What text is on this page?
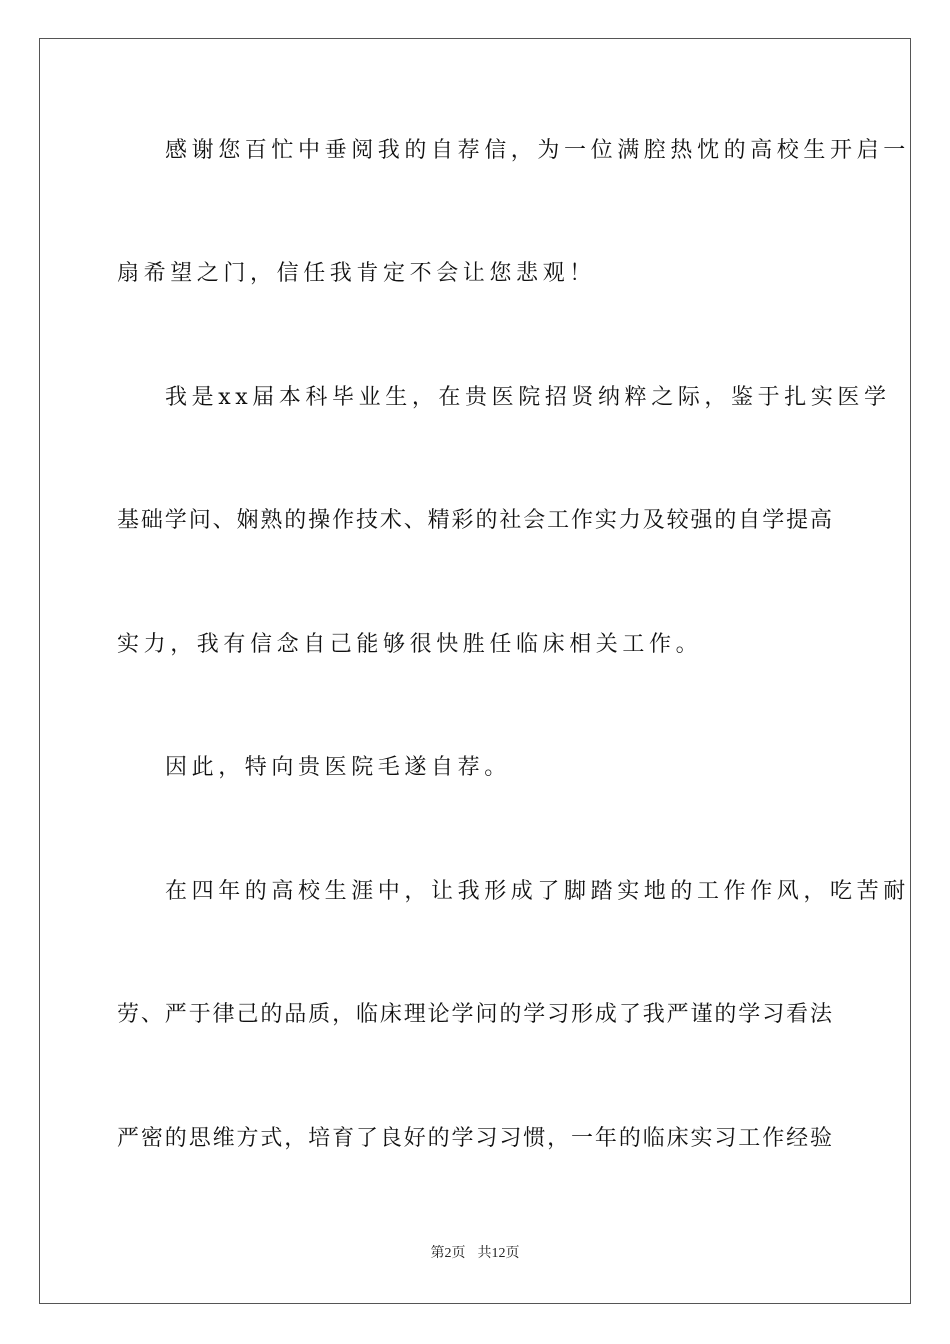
感谢您百忙中垂阅我的自荐信，为一位满腔热忱的高校生开启一
扇希望之门，信任我肯定不会让您悲观！
我是xx届本科毕业生，在贵医院招贤纳粹之际，鉴于扎实医学
基础学问、娴熟的操作技术、精彩的社会工作实力及较强的自学提高
实力，我有信念自己能够很快胜任临床相关工作。
因此，特向贵医院毛遂自荐。
在四年的高校生涯中，让我形成了脚踏实地的工作作风，吃苦耐
劳、严于律己的品质，临床理论学问的学习形成了我严谨的学习看法
严密的思维方式，培育了良好的学习习惯，一年的临床实习工作经验
第2页 共12页
